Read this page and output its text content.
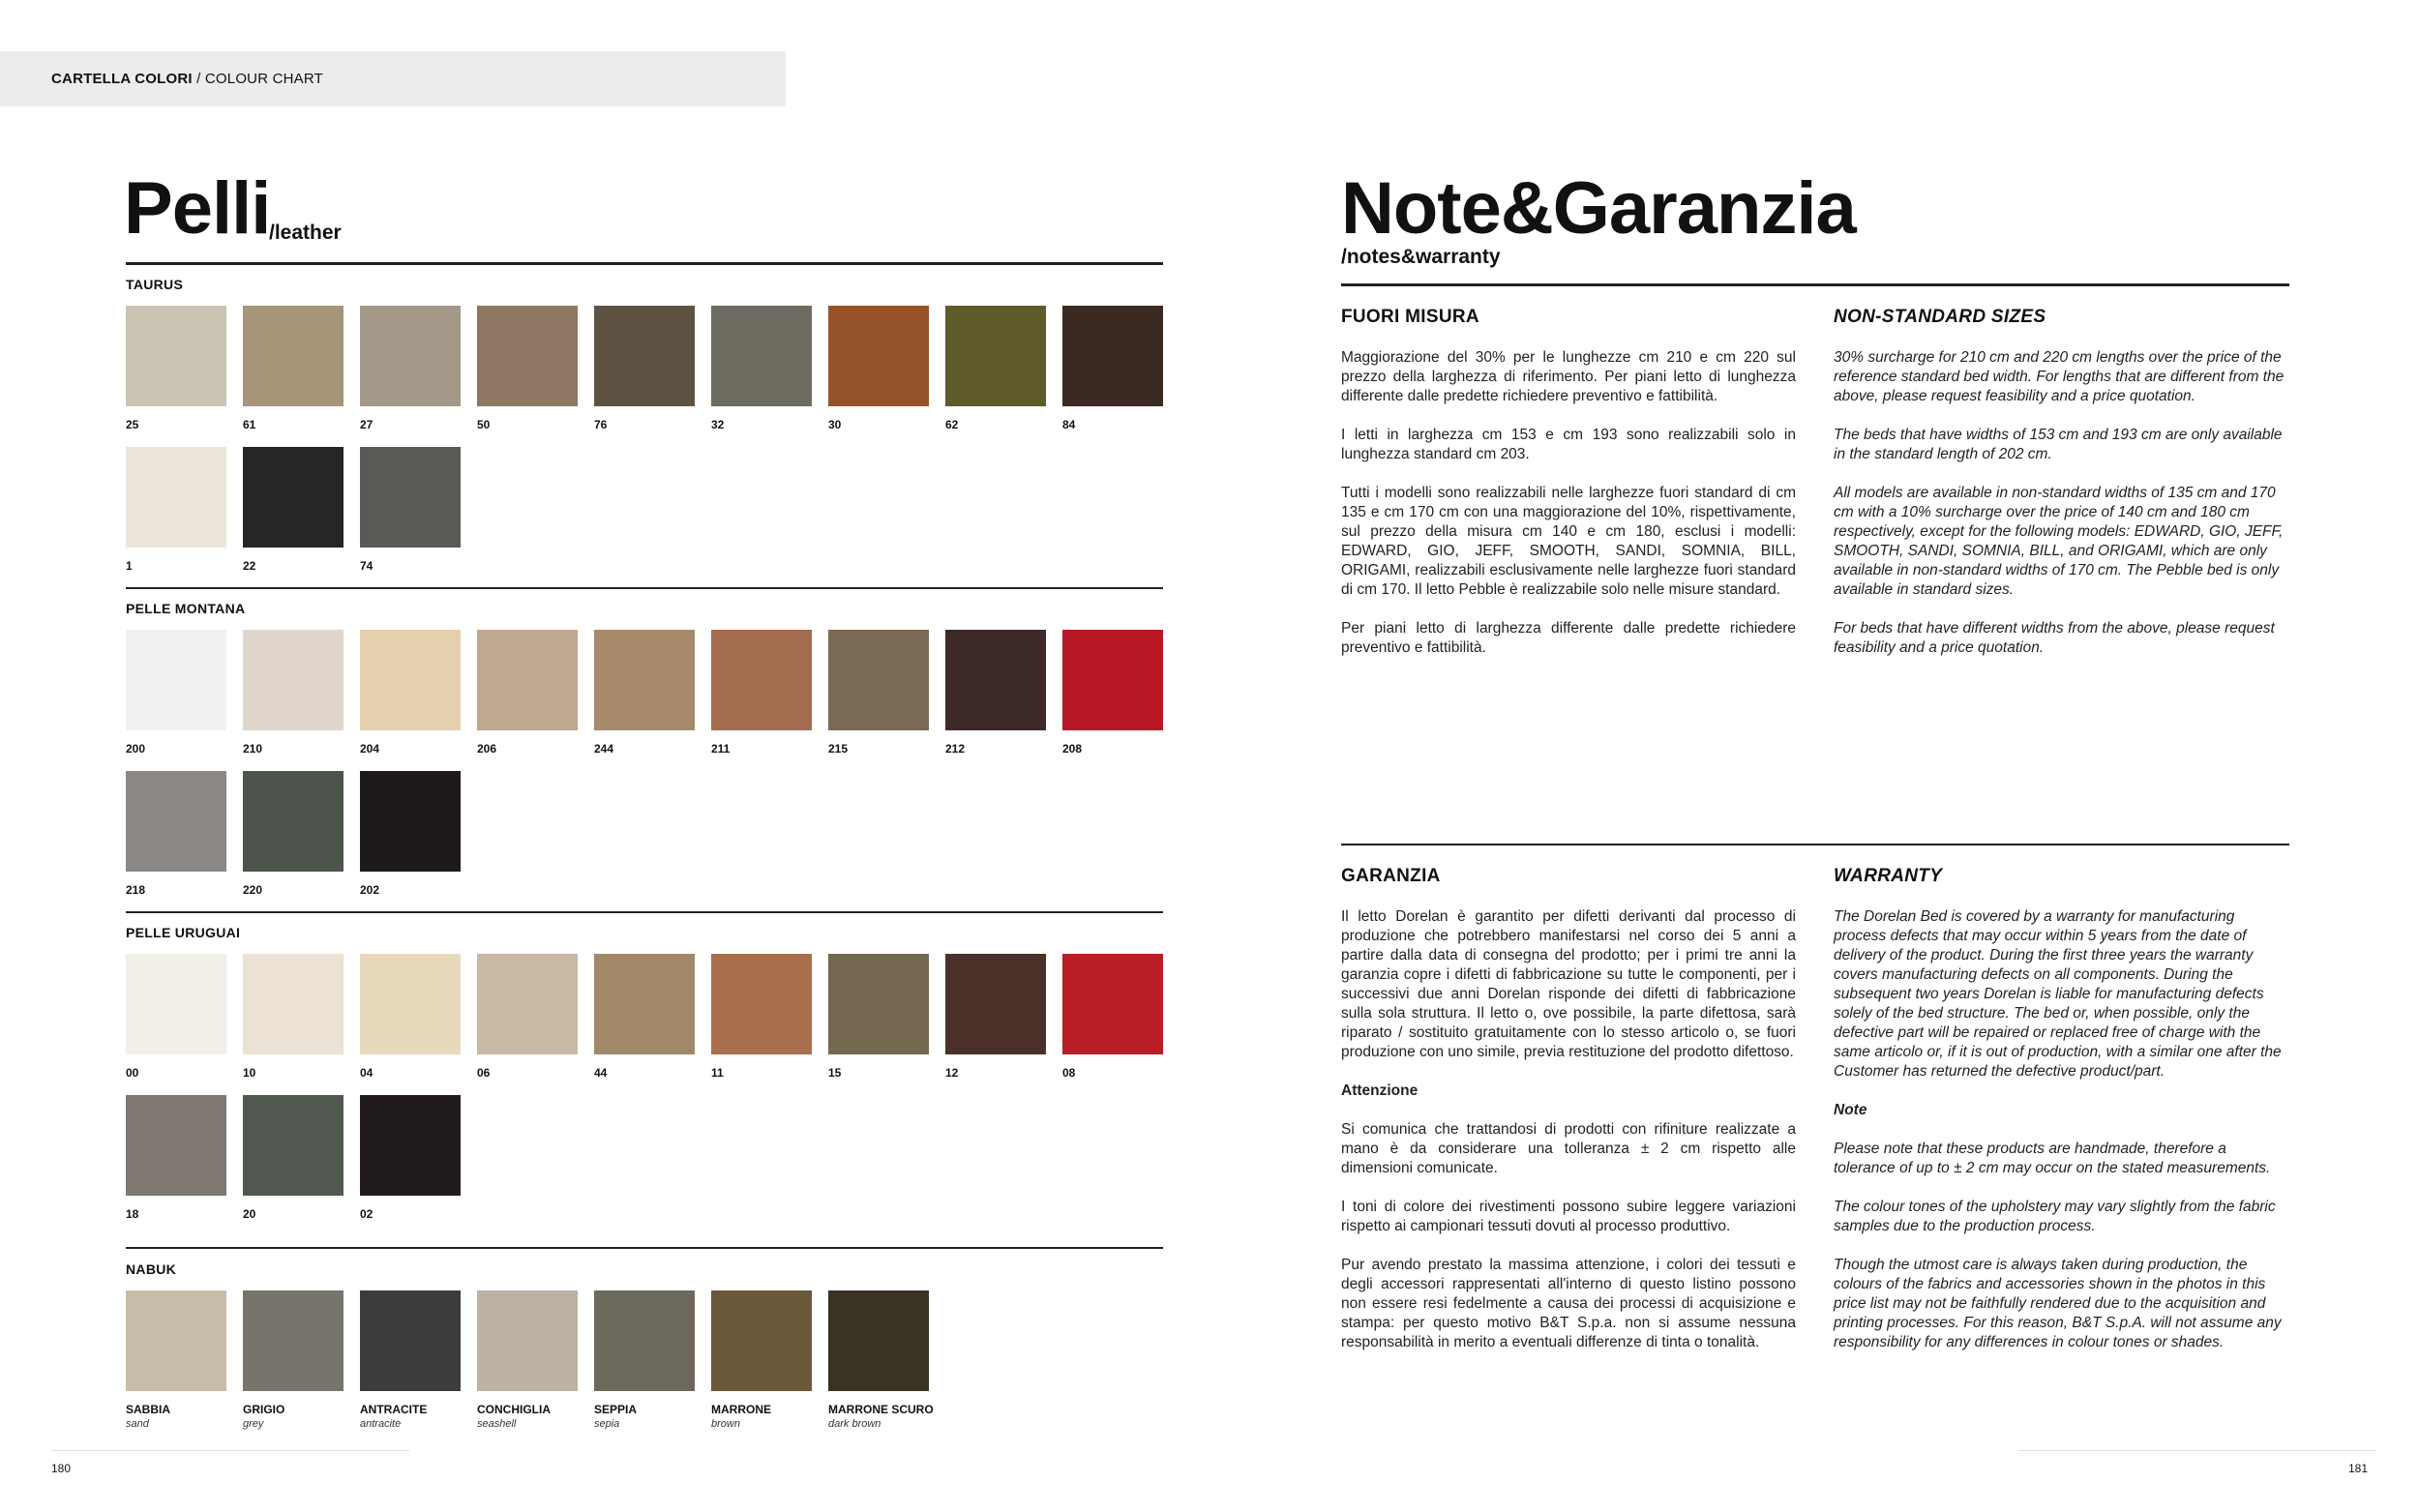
CARTELLA COLORI / COLOUR CHART
Pelli
/leather
TAURUS
25	61	27	50	76	32	30	62	84
1	22	74
PELLE MONTANA
200	210	204	206	244	211	215	212	208
218	220	202
PELLE URUGUAI
00	10	04	06	44	11	15	12	08
18	20	02
NABUK
SABBIA
sand
GRIGIO
grey
ANTRACITE
antracite
CONCHIGLIA
seashell
SEPPIA
sepia
MARRONE
brown
MARRONE SCURO
dark brown
Note&Garanzia
/notes&warranty
FUORI MISURA

Maggiorazione del 30% per le lunghezze cm 210 e cm 220 sul prezzo della larghezza di riferimento. Per piani letto di lunghezza differente dalle predette richiedere preventivo e fattibilità.

I letti in larghezza cm 153 e cm 193 sono realizzabili solo in lunghezza standard cm 203.

Tutti i modelli sono realizzabili nelle larghezze fuori standard di cm 135 e cm 170 cm con una maggiorazione del 10%, rispettivamente, sul prezzo della misura cm 140 e cm 180, esclusi i modelli: EDWARD, GIO, JEFF, SMOOTH, SANDI, SOMNIA, BILL, ORIGAMI, realizzabili esclusivamente nelle larghezze fuori standard di cm 170. Il letto Pebble è realizzabile solo nelle misure standard.

Per piani letto di larghezza differente dalle predette richiedere preventivo e fattibilità.

NON-STANDARD SIZES

30% surcharge for 210 cm and 220 cm lengths over the price of the reference standard bed width. For lengths that are different from the above, please request feasibility and a price quotation.

The beds that have widths of 153 cm and 193 cm are only available in the standard length of 202 cm.

All models are available in non-standard widths of 135 cm and 170 cm with a 10% surcharge over the price of 140 cm and 180 cm respectively, except for the following models: EDWARD, GIO, JEFF, SMOOTH, SANDI, SOMNIA, BILL, and ORIGAMI, which are only available in non-standard widths of 170 cm. The Pebble bed is only available in standard sizes.

For beds that have different widths from the above, please request feasibility and a price quotation.

GARANZIA

Il letto Dorelan è garantito per difetti derivanti dal processo di produzione che potrebbero manifestarsi nel corso dei 5 anni a partire dalla data di consegna del prodotto; per i primi tre anni la garanzia copre i difetti di fabbricazione su tutte le componenti, per i successivi due anni Dorelan risponde dei difetti di fabbricazione sulla sola struttura. Il letto o, ove possibile, la parte difettosa, sarà riparato / sostituito gratuitamente con lo stesso articolo o, se fuori produzione con uno simile, previa restituzione del prodotto difettoso.

Attenzione

Si comunica che trattandosi di prodotti con rifiniture realizzate a mano è da considerare una tolleranza ± 2 cm rispetto alle dimensioni comunicate.

I toni di colore dei rivestimenti possono subire leggere variazioni rispetto ai campionari tessuti dovuti al processo produttivo.

Pur avendo prestato la massima attenzione, i colori dei tessuti e degli accessori rappresentati all'interno di questo listino possono non essere resi fedelmente a causa dei processi di acquisizione e stampa: per questo motivo B&T S.p.a. non si assume nessuna responsabilità in merito a eventuali differenze di tinta o tonalità.

WARRANTY

The Dorelan Bed is covered by a warranty for manufacturing process defects that may occur within 5 years from the date of delivery of the product. During the first three years the warranty covers manufacturing defects on all components. During the subsequent two years Dorelan is liable for manufacturing defects solely of the bed structure. The bed or, when possible, only the defective part will be repaired or replaced free of charge with the same articolo or, if it is out of production, with a similar one after the Customer has returned the defective product/part.

Note

Please note that these products are handmade, therefore a tolerance of up to ± 2 cm may occur on the stated measurements.

The colour tones of the upholstery may vary slightly from the fabric samples due to the production process.

Though the utmost care is always taken during production, the colours of the fabrics and accessories shown in the photos in this price list may not be faithfully rendered due to the acquisition and printing processes. For this reason, B&T S.p.A. will not assume any responsibility for any differences in colour tones or shades.

180	181
